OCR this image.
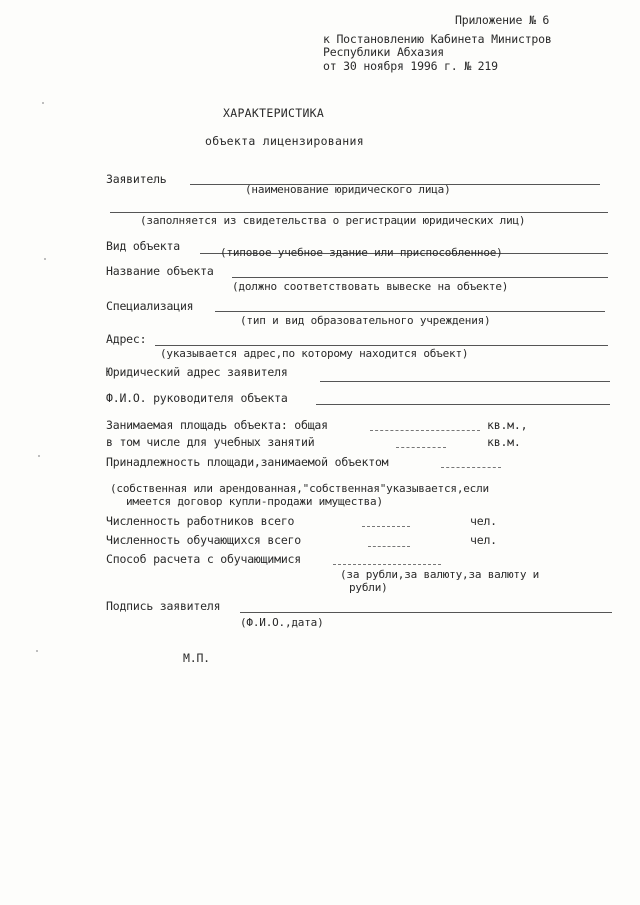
Приложение № 6
к Постановлению Кабинета Министров
Республики Абхазия
от 30 ноября 1996 г. № 219
ХАРАКТЕРИСТИКА
объекта лицензирования
Заявитель
(наименование юридического лица)
(заполняется из свидетельства о регистрации юридических лиц)
Вид объекта	(типовое учебное здание или приспособленное)
Название объекта
(должно соответствовать вывеске на объекте)
Специализация
(тип и вид образовательного учреждения)
Адрес:
(указывается адрес,по которому находится объект)
Юридический адрес заявителя
Ф.И.О. руководителя объекта
Занимаемая площадь объекта: общая	кв.м.,
в том числе для учебных занятий	кв.м.
Принадлежность площади,занимаемой объектом
(собственная или арендованная,"собственная"указывается,если
имеется договор купли-продажи имущества)
Численность работников всего	чел.
Численность обучающихся всего	чел.
Способ расчета с обучающимися
(за рубли,за валюту,за валюту и
рубли)
Подпись заявителя
(Ф.И.О.,дата)
М.П.
